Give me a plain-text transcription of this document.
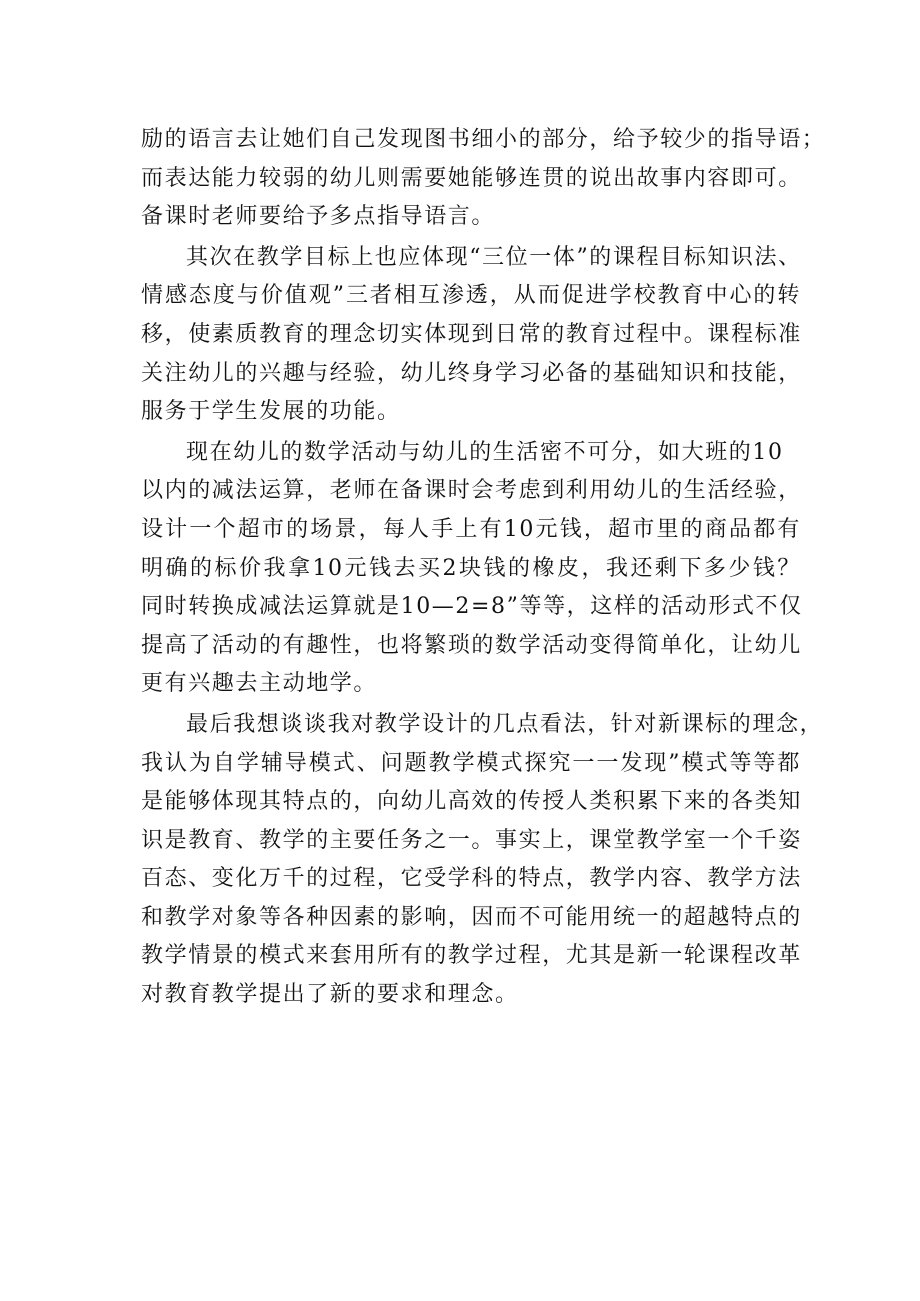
励的语言去让她们自己发现图书细小的部分，给予较少的指导语；
而表达能力较弱的幼儿则需要她能够连贯的说出故事内容即可。
备课时老师要给予多点指导语言。
其次在教学目标上也应体现“三位一体”的课程目标知识法、
情感态度与价值观”三者相互渗透，从而促进学校教育中心的转
移，使素质教育的理念切实体现到日常的教育过程中。课程标准
关注幼儿的兴趣与经验，幼儿终身学习必备的基础知识和技能，
服务于学生发展的功能。
现在幼儿的数学活动与幼儿的生活密不可分，如大班的10
以内的减法运算，老师在备课时会考虑到利用幼儿的生活经验，
设计一个超市的场景，每人手上有10元钱，超市里的商品都有
明确的标价我拿10元钱去买2块钱的橡皮，我还剩下多少钱？
同时转换成减法运算就是10—2=8”等等，这样的活动形式不仅
提高了活动的有趣性，也将繁琐的数学活动变得简单化，让幼儿
更有兴趣去主动地学。
最后我想谈谈我对教学设计的几点看法，针对新课标的理念，
我认为自学辅导模式、问题教学模式探究一一发现”模式等等都
是能够体现其特点的，向幼儿高效的传授人类积累下来的各类知
识是教育、教学的主要任务之一。事实上，课堂教学室一个千姿
百态、变化万千的过程，它受学科的特点，教学内容、教学方法
和教学对象等各种因素的影响，因而不可能用统一的超越特点的
教学情景的模式来套用所有的教学过程，尤其是新一轮课程改革
对教育教学提出了新的要求和理念。
